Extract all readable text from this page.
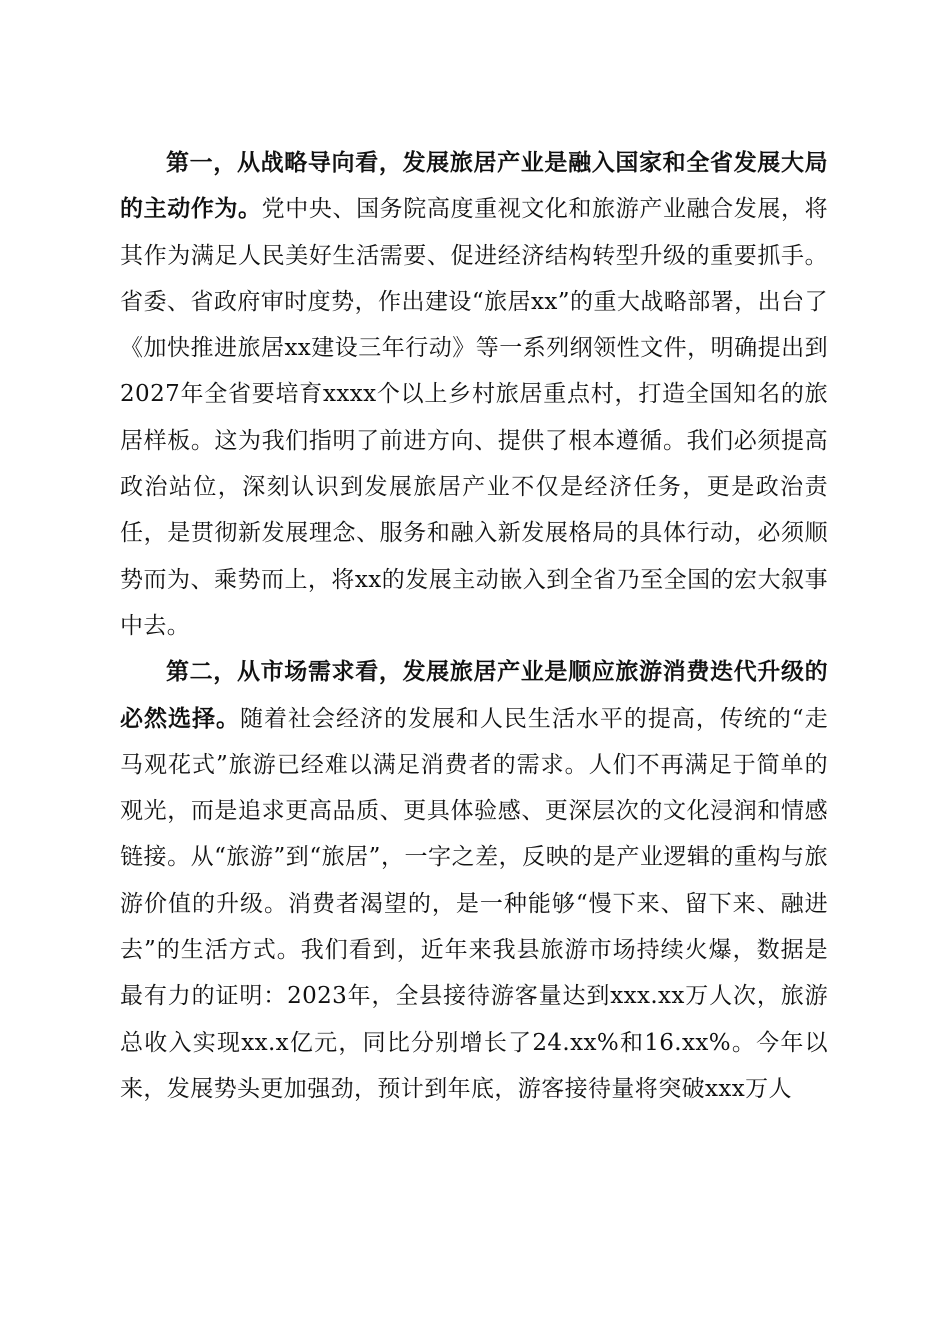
第一，从战略导向看，发展旅居产业是融入国家和全省发展大局的主动作为。党中央、国务院高度重视文化和旅游产业融合发展，将其作为满足人民美好生活需要、促进经济结构转型升级的重要抓手。省委、省政府审时度势，作出建设“旅居xx”的重大战略部署，出台了《加快推进旅居xx建设三年行动》等一系列纲领性文件，明确提出到2027年全省要培育xxxx个以上乡村旅居重点村，打造全国知名的旅居样板。这为我们指明了前进方向、提供了根本遵循。我们必须提高政治站位，深刻认识到发展旅居产业不仅是经济任务，更是政治责任，是贯彻新发展理念、服务和融入新发展格局的具体行动，必须顺势而为、乘势而上，将xx的发展主动嵌入到全省乃至全国的宏大叙事中去。

第二，从市场需求看，发展旅居产业是顺应旅游消费迭代升级的必然选择。随着社会经济的发展和人民生活水平的提高，传统的“走马观花式”旅游已经难以满足消费者的需求。人们不再满足于简单的观光，而是追求更高品质、更具体验感、更深层次的文化浸润和情感链接。从“旅游”到“旅居”，一字之差，反映的是产业逻辑的重构与旅游价值的升级。消费者渴望的，是一种能够“慢下来、留下来、融进去”的生活方式。我们看到，近年来我县旅游市场持续火爆，数据是最有力的证明：2023年，全县接待游客量达到xxx.xx万人次，旅游总收入实现xx.x亿元，同比分别增长了24.xx%和16.xx%。今年以来，发展势头更加强劲，预计到年底，游客接待量将突破xxx万人
